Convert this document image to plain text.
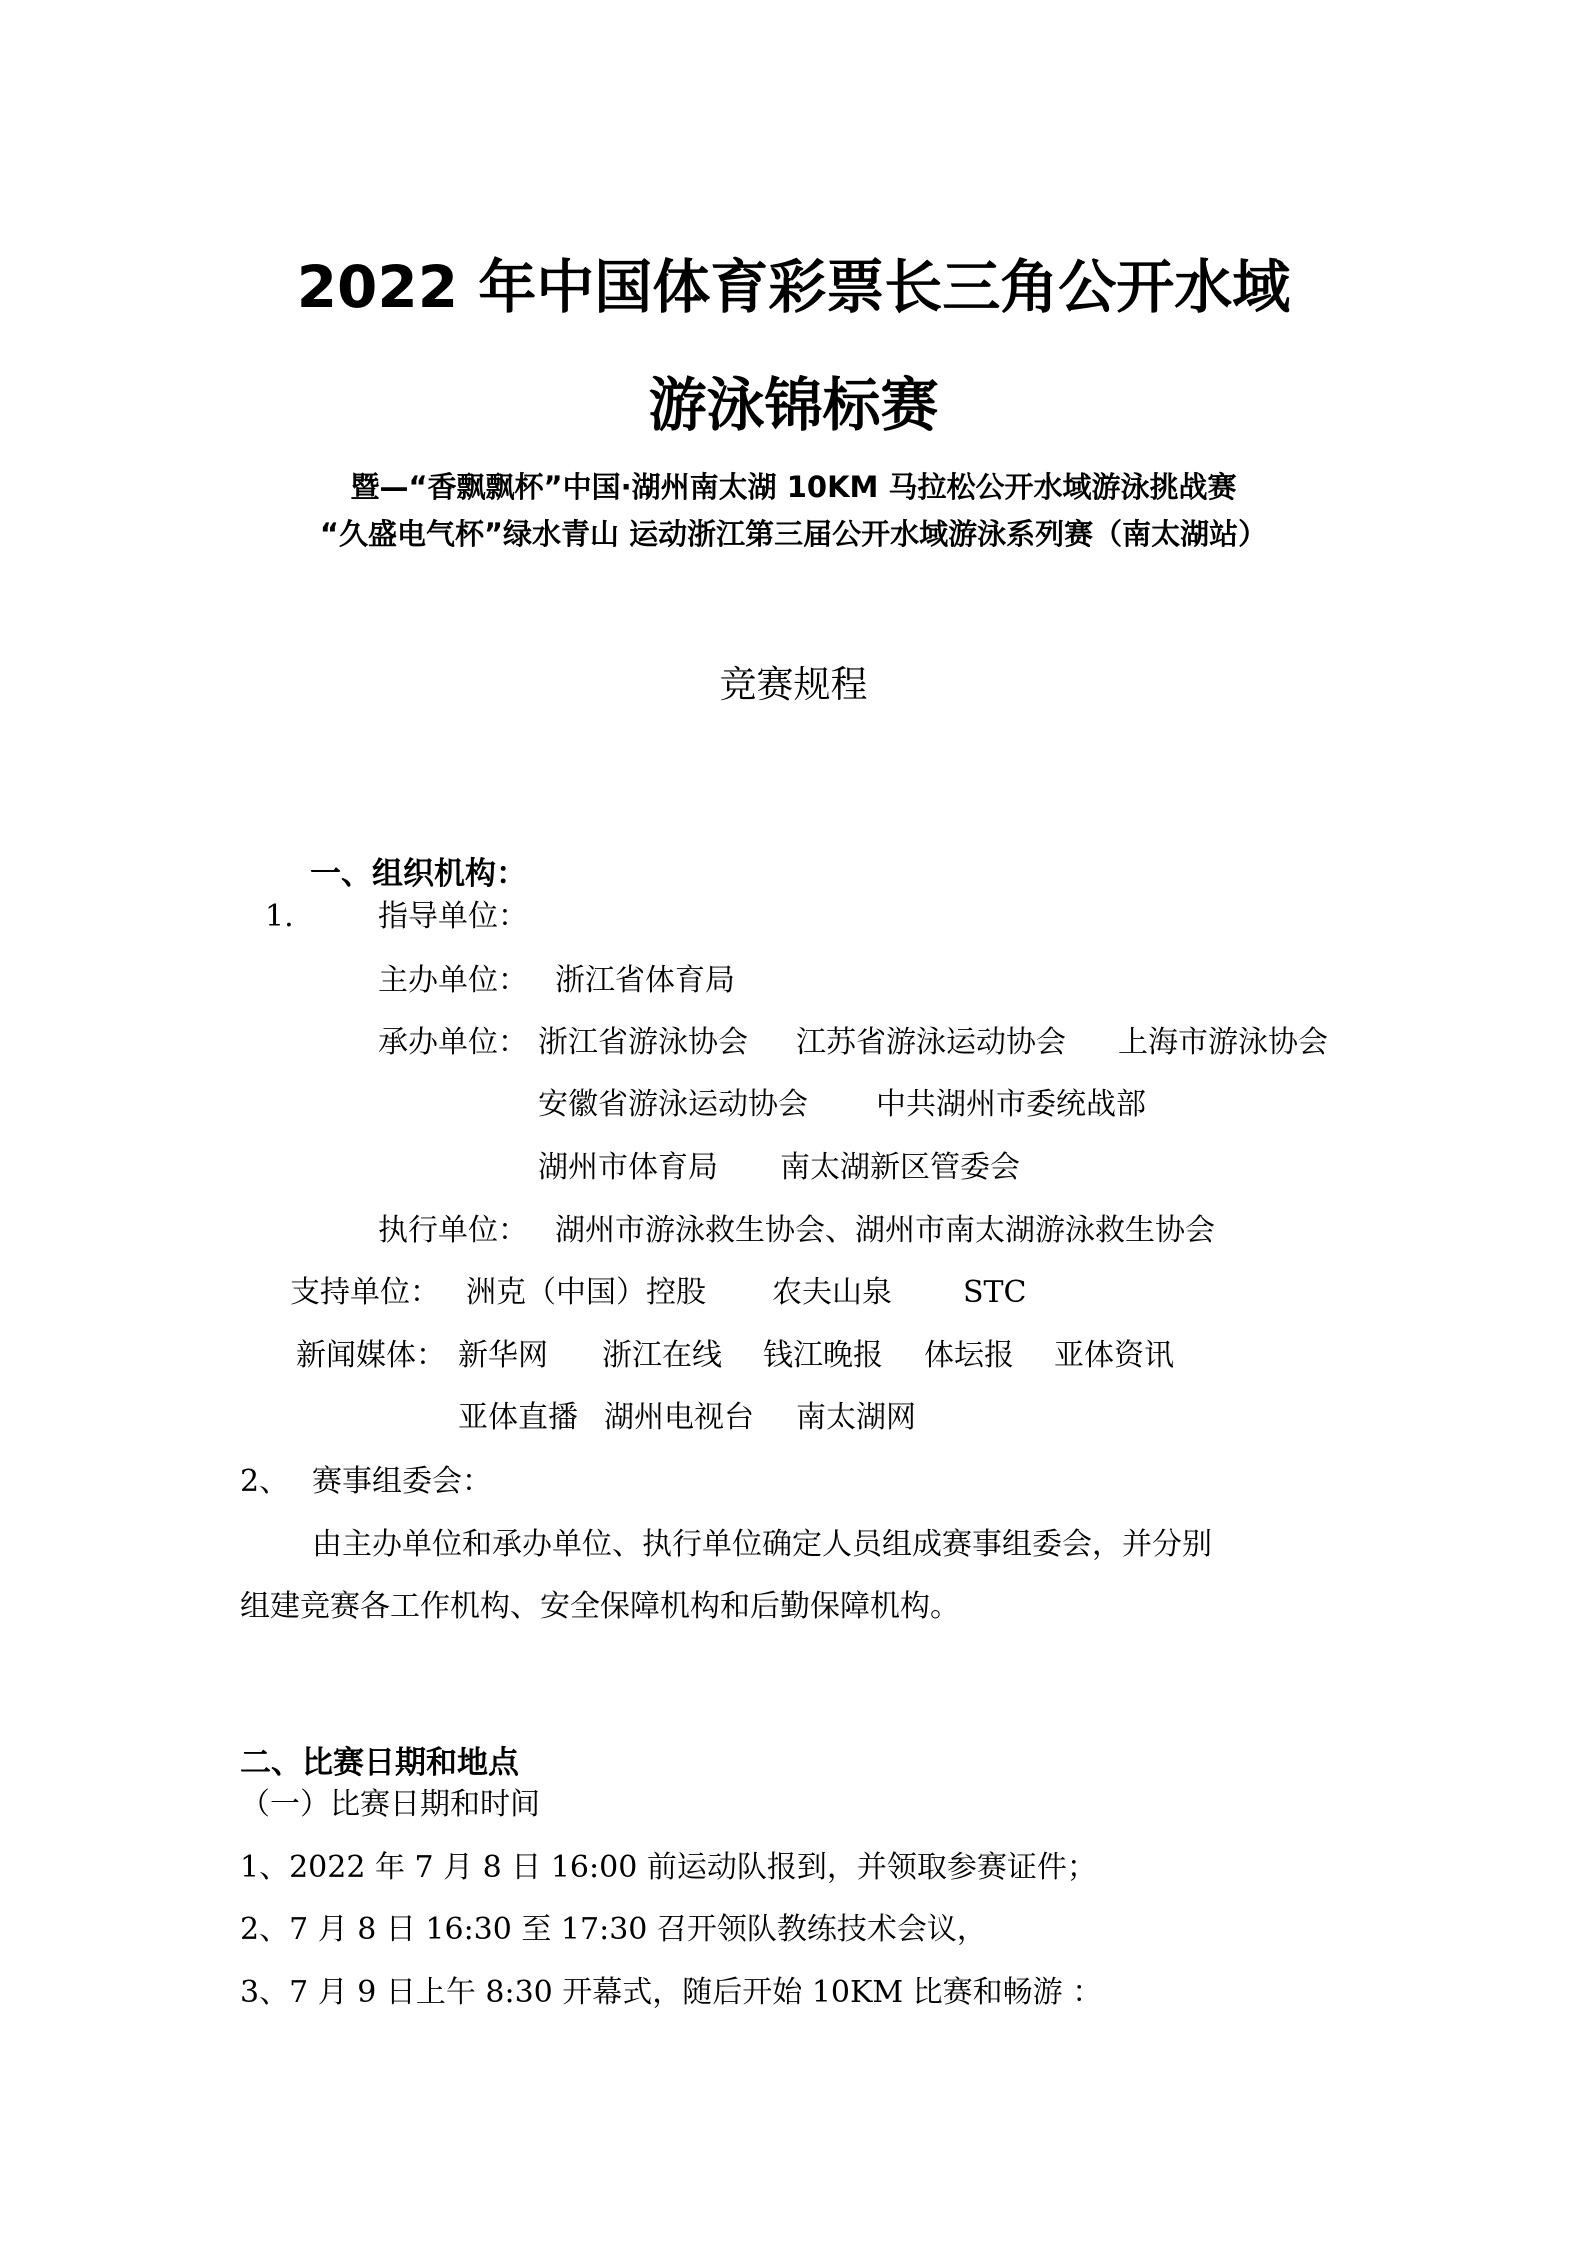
2022 年中国体育彩票长三角公开水域
游泳锦标赛
暨—“香飘飘杯”中国·湖州南太湖 10KM 马拉松公开水域游泳挑战赛
“久盛电气杯”绿水青山 运动浙江第三届公开水域游泳系列赛（南太湖站）
竞赛规程
一、组织机构：
1.	指导单位：
主办单位： 浙江省体育局
承办单位： 浙江省游泳协会 江苏省游泳运动协会 上海市游泳协会
安徽省游泳运动协会 中共湖州市委统战部
湖州市体育局 南太湖新区管委会
执行单位： 湖州市游泳救生协会、湖州市南太湖游泳救生协会
支持单位： 洲克（中国）控股 农夫山泉 STC
新闻媒体： 新华网 浙江在线 钱江晚报 体坛报 亚体资讯
亚体直播 湖州电视台 南太湖网
2、 赛事组委会：
由主办单位和承办单位、执行单位确定人员组成赛事组委会，并分别
组建竞赛各工作机构、安全保障机构和后勤保障机构。
二、比赛日期和地点
（一）比赛日期和时间
1、2022 年 7 月 8 日 16:00 前运动队报到，并领取参赛证件；
2、7 月 8 日 16:30 至 17:30 召开领队教练技术会议，
3、7 月 9 日上午 8:30 开幕式，随后开始 10KM 比赛和畅游 ：
